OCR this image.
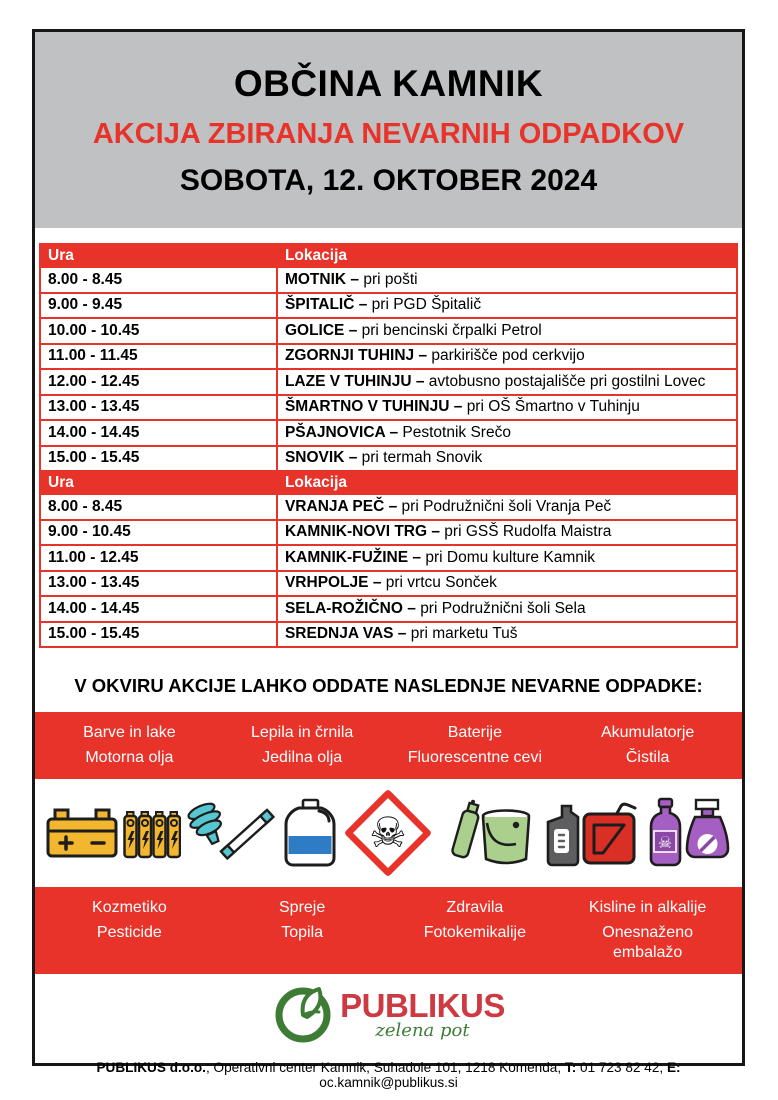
OBČINA KAMNIK
AKCIJA ZBIRANJA NEVARNIH ODPADKOV
SOBOTA, 12. OKTOBER 2024
Ura	Lokacija
8.00 - 8.45	MOTNIK – pri pošti
9.00 - 9.45	ŠPITALIČ – pri PGD Špitalič
10.00 - 10.45	GOLICE – pri bencinski črpalki Petrol
11.00 - 11.45	ZGORNJI TUHINJ – parkirišče pod cerkvijo
12.00 - 12.45	LAZE V TUHINJU – avtobusno postajališče pri gostilni Lovec
13.00 - 13.45	ŠMARTNO V TUHINJU – pri OŠ Šmartno v Tuhinju
14.00 - 14.45	PŠAJNOVICA – Pestotnik Srečo
15.00 - 15.45	SNOVIK – pri termah Snovik
Ura	Lokacija
8.00 - 8.45	VRANJA PEČ – pri Podružnični šoli Vranja Peč
9.00 - 10.45	KAMNIK-NOVI TRG – pri GSŠ Rudolfa Maistra
11.00 - 12.45	KAMNIK-FUŽINE – pri Domu kulture Kamnik
13.00 - 13.45	VRHPOLJE – pri vrtcu Sonček
14.00 - 14.45	SELA-ROŽIČNO – pri Podružnični šoli Sela
15.00 - 15.45	SREDNJA VAS – pri marketu Tuš
V OKVIRU AKCIJE LAHKO ODDATE NASLEDNJE NEVARNE ODPADKE:
Barve in lake	Lepila in črnila	Baterije	Akumulatorje
Motorna olja	Jedilna olja	Fluorescentne cevi	Čistila
☠	☠
Kozmetiko	Spreje	Zdravila	Kisline in alkalije
Pesticide	Topila	Fotokemikalije	Onesnaženo embalažo
PUBLIKUS
zelena pot
PUBLIKUS d.o.o.; Operativni center Kamnik, Suhadole 101, 1218 Komenda; T: 01 723 82 42; E: oc.kamnik@publikus.si
